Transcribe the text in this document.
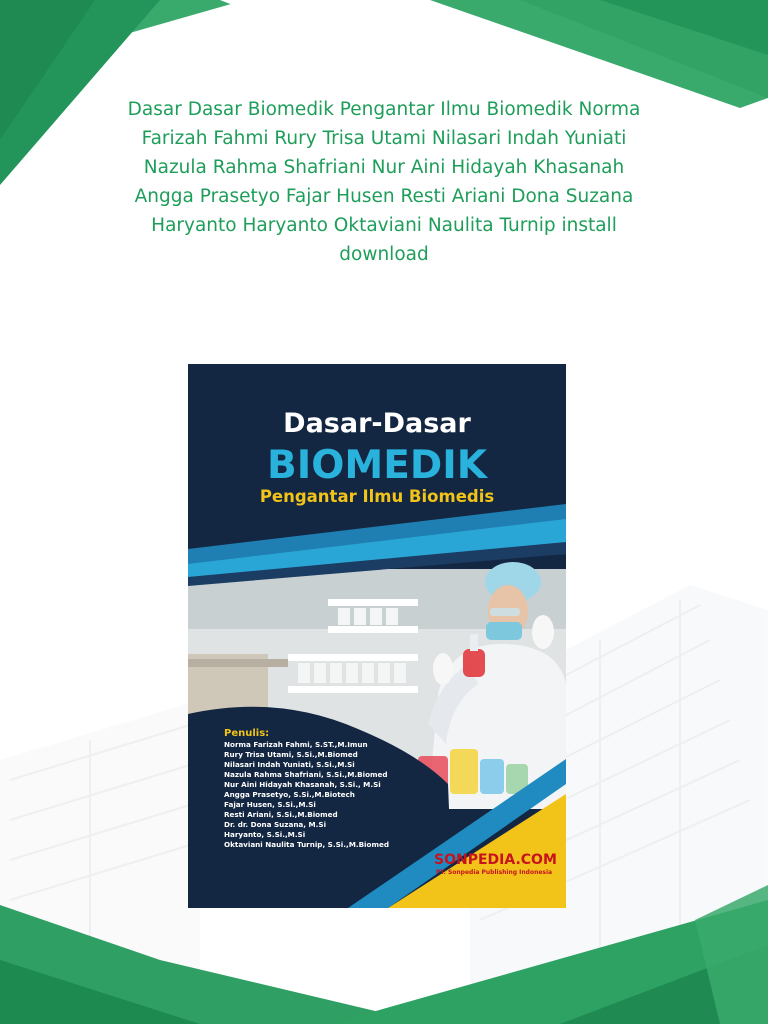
Dasar Dasar Biomedik Pengantar Ilmu Biomedik Norma Farizah Fahmi Rury Trisa Utami Nilasari Indah Yuniati Nazula Rahma Shafriani Nur Aini Hidayah Khasanah Angga Prasetyo Fajar Husen Resti Ariani Dona Suzana Haryanto Haryanto Oktaviani Naulita Turnip install download
Dasar-Dasar
BIOMEDIK
Pengantar Ilmu Biomedis
Penulis:
Norma Farizah Fahmi, S.ST.,M.Imun
Rury Trisa Utami, S.Si.,M.Biomed
Nilasari Indah Yuniati, S.Si.,M.Si
Nazula Rahma Shafriani, S.Si.,M.Biomed
Nur Aini Hidayah Khasanah, S.Si., M.Si
Angga Prasetyo, S.Si.,M.Biotech
Fajar Husen, S.Si.,M.Si
Resti Ariani, S.Si.,M.Biomed
Dr. dr. Dona Suzana, M.Si
Haryanto, S.Si.,M.Si
Oktaviani Naulita Turnip, S.Si.,M.Biomed
SONPEDIA.COM
PT. Sonpedia Publishing Indonesia
